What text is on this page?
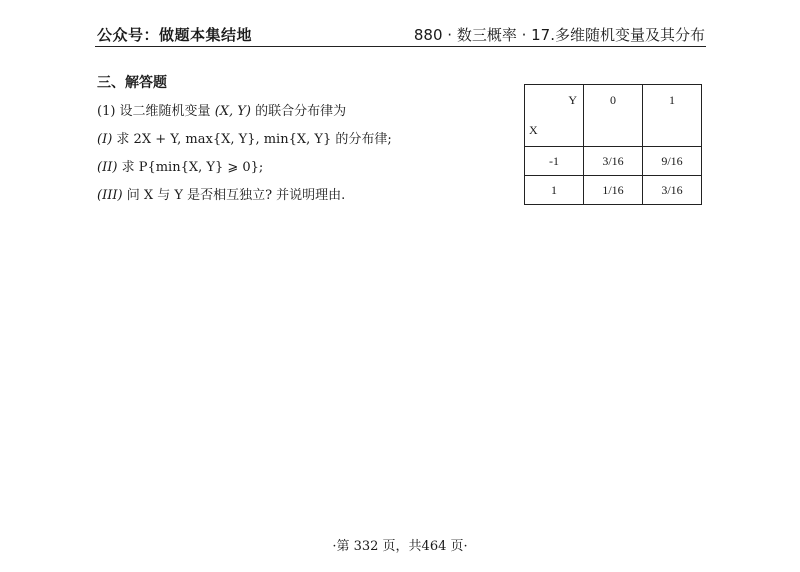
公众号：做题本集结地	880 · 数三概率 · 17.多维随机变量及其分布
三、解答题
(1) 设二维随机变量 (X, Y) 的联合分布律为
(I) 求 2X + Y, max{X, Y}, min{X, Y} 的分布律;
(II) 求 P{min{X, Y} ⩾ 0};
(III) 问 X 与 Y 是否相互独立? 并说明理由.
Y
X	0	1
-1	3/16	9/16
1	1/16	3/16
·第 332 页，共464 页·
